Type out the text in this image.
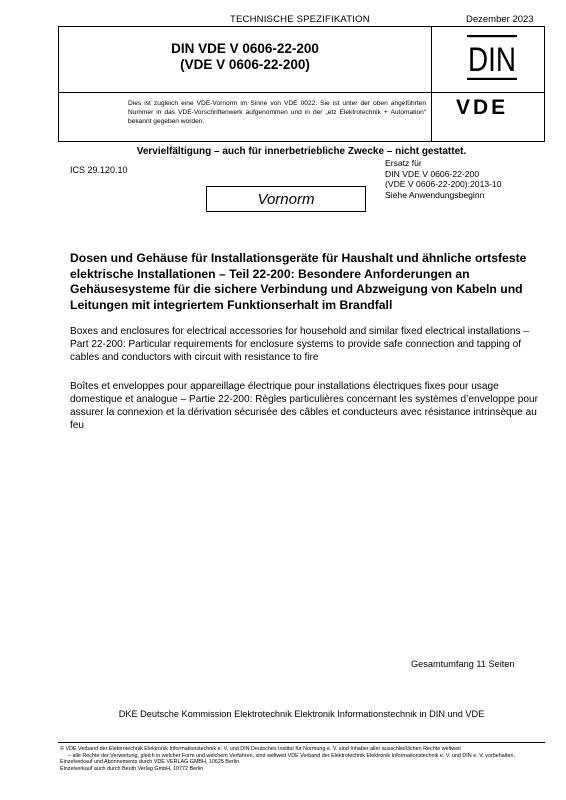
TECHNISCHE SPEZIFIKATION	Dezember 2023
DIN VDE V 0606-22-200
(VDE V 0606-22-200)	DIN
Dies ist zugleich eine VDE-Vornorm im Sinne von VDE 0022. Sie ist unter der oben angeführten Nummer in das VDE-Vorschriftenwerk aufgenommen und in der „etz Elektrotechnik + Automation“ bekannt gegeben worden.
VDE
Vervielfältigung – auch für innerbetriebliche Zwecke – nicht gestattet.
ICS 29.120.10
Ersatz für
DIN VDE V 0606-22-200
(VDE V 0606-22-200):2013-10
Siehe Anwendungsbeginn
Vornorm

Dosen und Gehäuse für Installationsgeräte für Haushalt und ähnliche ortsfeste elektrische Installationen – Teil 22-200: Besondere Anforderungen an Gehäusesysteme für die sichere Verbindung und Abzweigung von Kabeln und Leitungen mit integriertem Funktionserhalt im Brandfall

Boxes and enclosures for electrical accessories for household and similar fixed electrical installations – Part 22-200: Particular requirements for enclosure systems to provide safe connection and tapping of cables and conductors with circuit with resistance to fire

Boîtes et enveloppes pour appareillage électrique pour installations électriques fixes pour usage domestique et analogue – Partie 22-200: Règles particulières concernant les systèmes d’enveloppe pour assurer la connexion et la dérivation sécurisée des câbles et conducteurs avec résistance intrinsèque au feu

Gesamtumfang 11 Seiten
DKE Deutsche Kommission Elektrotechnik Elektronik Informationstechnik in DIN und VDE
© VDE Verband der Elektrotechnik Elektronik Informationstechnik e. V. und DIN Deutsches Institut für Normung e. V. sind Inhaber aller ausschließlichen Rechte weltweit
– alle Rechte der Verwertung, gleich in welcher Form und welchem Verfahren, sind weltweit VDE Verband der Elektrotechnik Elektronik Informationstechnik e. V. und DIN e. V. vorbehalten.
Einzelverkauf und Abonnements durch VDE VERLAG GMBH, 10625 Berlin
Einzelverkauf auch durch Beuth Verlag GmbH, 10772 Berlin
